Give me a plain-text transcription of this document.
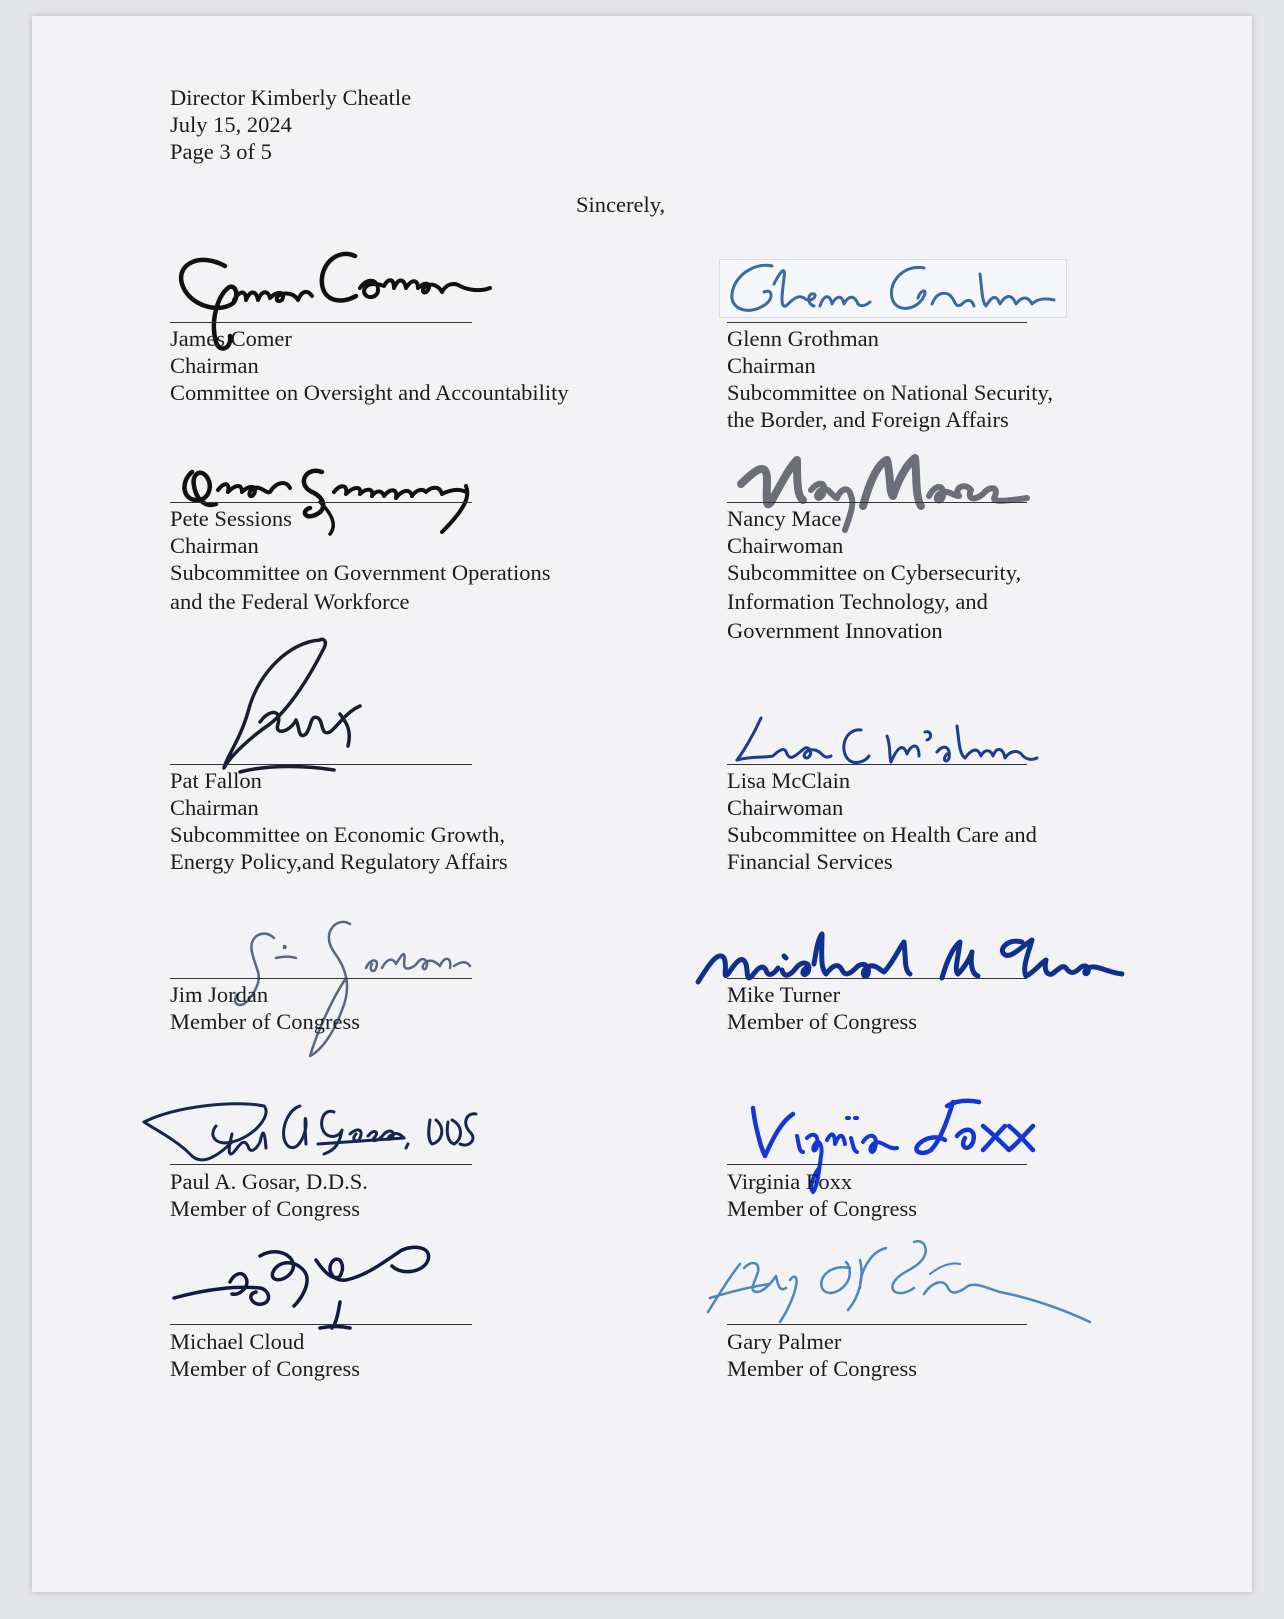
Director Kimberly Cheatle
July 15, 2024
Page 3 of 5
Sincerely,
James Comer
Chairman
Committee on Oversight and Accountability
Glenn Grothman
Chairman
Subcommittee on National Security,
the Border, and Foreign Affairs
Pete Sessions
Chairman
Subcommittee on Government Operations
and the Federal Workforce
Nancy Mace
Chairwoman
Subcommittee on Cybersecurity,
Information Technology, and
Government Innovation
Pat Fallon
Chairman
Subcommittee on Economic Growth,
Energy Policy,and Regulatory Affairs
Lisa McClain
Chairwoman
Subcommittee on Health Care and
Financial Services
Jim Jordan
Member of Congress
Mike Turner
Member of Congress
Paul A. Gosar, D.D.S.
Member of Congress
Virginia Foxx
Member of Congress
Michael Cloud
Member of Congress
Gary Palmer
Member of Congress
